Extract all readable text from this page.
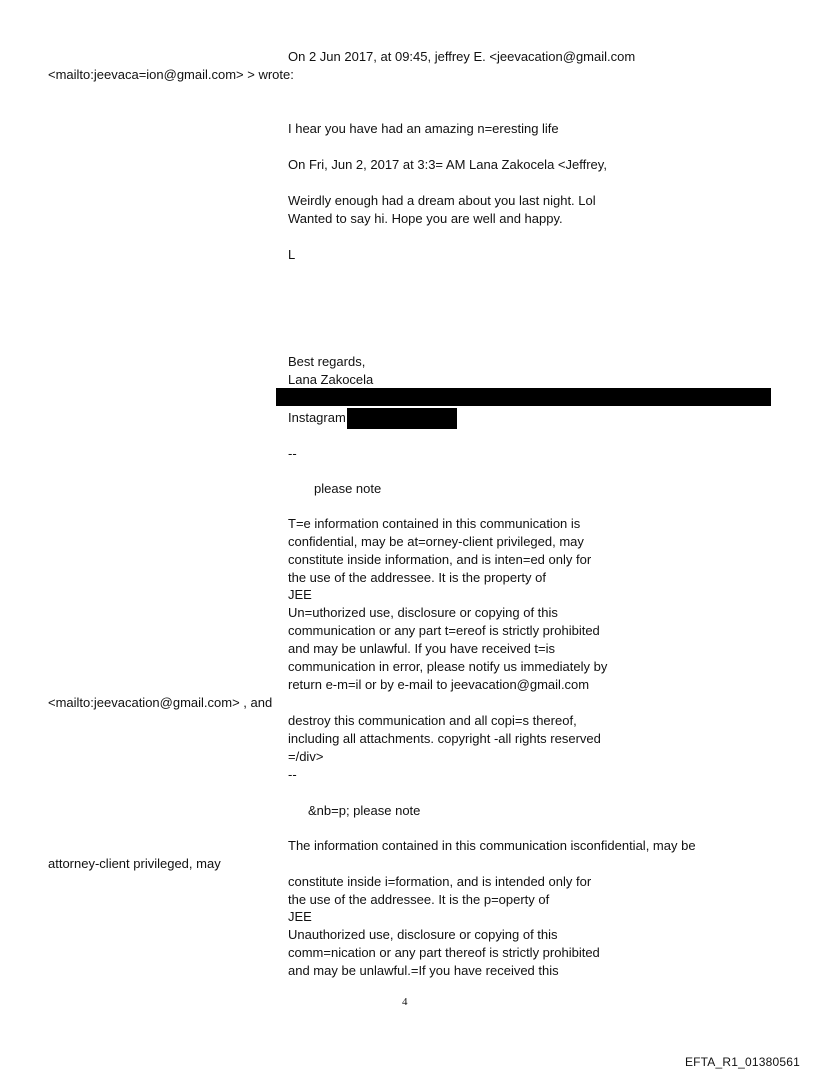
On 2 Jun 2017, at 09:45, jeffrey E. <jeevacation@gmail.com
<mailto:jeevaca=ion@gmail.com> > wrote:
I hear you have had an amazing n=eresting life
On Fri, Jun 2, 2017 at 3:3= AM Lana Zakocela <Jeffrey,
Weirdly enough had a dream about you last night. Lol
Wanted to say hi. Hope you are well and happy.
L
Best regards,
Lana Zakocela
Instagram
--
please note
T=e information contained in this communication is
confidential, may be at=orney-client privileged, may
constitute inside information, and is inten=ed only for
the use of the addressee. It is the property of
JEE
Un=uthorized use, disclosure or copying of this
communication or any part t=ereof is strictly prohibited
and may be unlawful. If you have received t=is
communication in error, please notify us immediately by
return e-m=il or by e-mail to jeevacation@gmail.com
<mailto:jeevacation@gmail.com> , and
destroy this communication and all copi=s thereof,
including all attachments. copyright -all rights reserved
=/div>
--
&nb=p; please note
The information contained in this communication isconfidential, may be
attorney-client privileged, may
constitute inside i=formation, and is intended only for
the use of the addressee. It is the p=operty of
JEE
Unauthorized use, disclosure or copying of this
comm=nication or any part thereof is strictly prohibited
and may be unlawful.=If you have received this
4
EFTA_R1_01380561
